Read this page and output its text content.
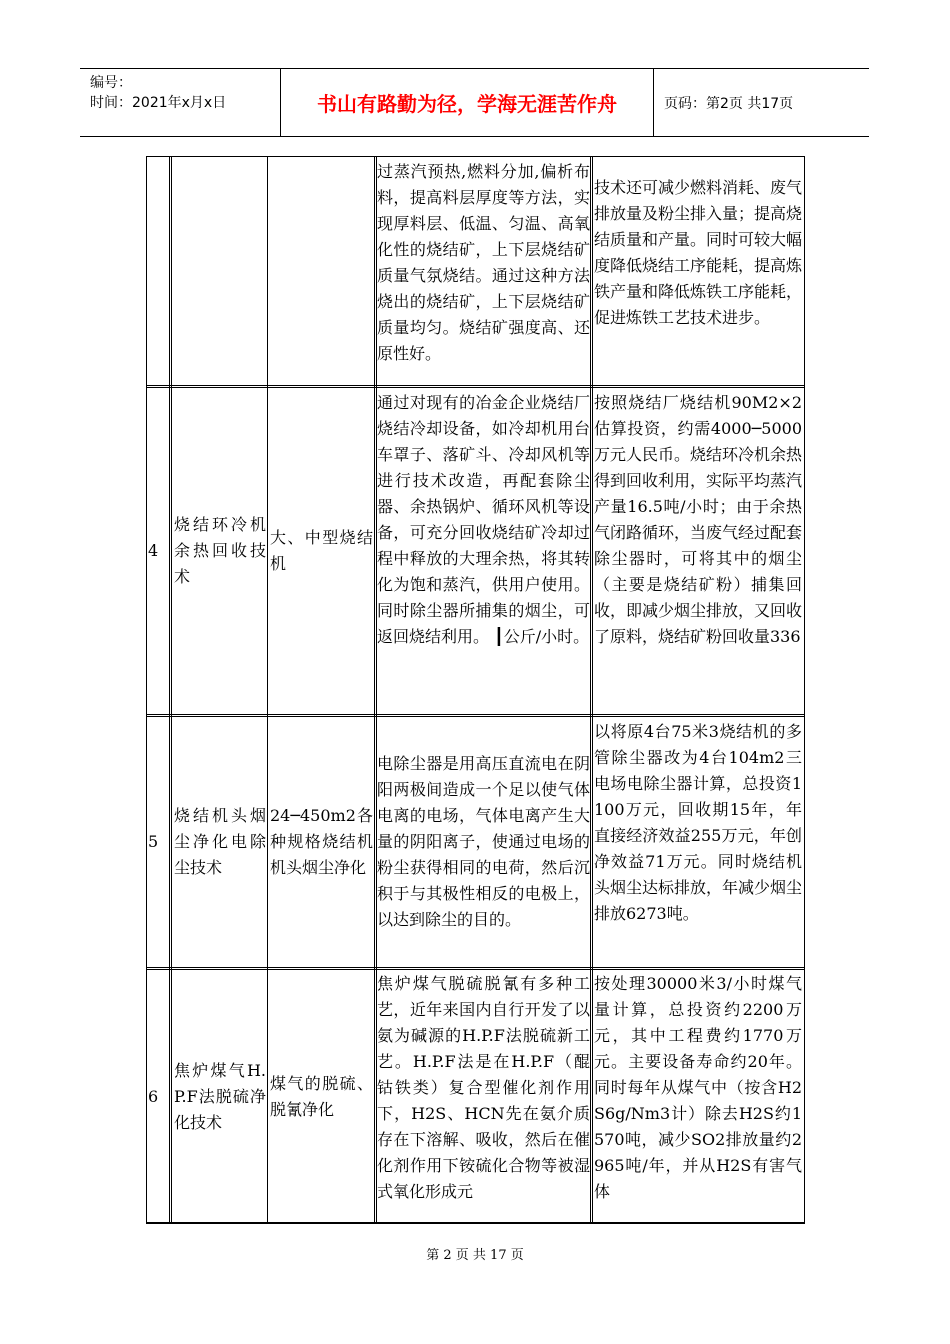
编号：
时间：2021年x月x日	书山有路勤为径，学海无涯苦作舟	页码：第2页 共17页
过蒸汽预热,燃料分加,偏析布料，提高料层厚度等方法，实现厚料层、低温、匀温、高氧化性的烧结矿，上下层烧结矿质量气氛烧结。通过这种方法烧出的烧结矿，上下层烧结矿质量均匀。烧结矿强度高、还原性好。
技术还可减少燃料消耗、废气排放量及粉尘排入量；提高烧结质量和产量。同时可较大幅度降低烧结工序能耗，提高炼铁产量和降低炼铁工序能耗，促进炼铁工艺技术进步。
4
烧结环冷机余热回收技术
大、中型烧结机
通过对现有的冶金企业烧结厂烧结冷却设备，如冷却机用台车罩子、落矿斗、冷却风机等进行技术改造，再配套除尘器、余热锅炉、循环风机等设备，可充分回收烧结矿冷却过程中释放的大理余热，将其转化为饱和蒸汽，供用户使用。同时除尘器所捕集的烟尘，可返回烧结利用。 ┃公斤/小时。
按照烧结厂烧结机90M2×2估算投资，约需4000─5000万元人民币。烧结环冷机余热得到回收利用，实际平均蒸汽产量16.5吨/小时；由于余热气闭路循环，当废气经过配套除尘器时，可将其中的烟尘（主要是烧结矿粉）捕集回收，即减少烟尘排放，又回收了原料，烧结矿粉回收量336
5
烧结机头烟尘净化电除尘技术
24─450m2各种规格烧结机机头烟尘净化
电除尘器是用高压直流电在阴阳两极间造成一个足以使气体电离的电场，气体电离产生大量的阴阳离子，使通过电场的粉尘获得相同的电荷，然后沉积于与其极性相反的电极上，以达到除尘的目的。
以将原4台75米3烧结机的多管除尘器改为4台104m2三电场电除尘器计算，总投资1100万元，回收期15年，年直接经济效益255万元，年创净效益71万元。同时烧结机头烟尘达标排放，年减少烟尘排放6273吨。
6
焦炉煤气H.P.F法脱硫净化技术
煤气的脱硫、脱氰净化
焦炉煤气脱硫脱氰有多种工艺，近年来国内自行开发了以氨为碱源的H.P.F法脱硫新工艺。H.P.F法是在H.P.F（醌钴铁类）复合型催化剂作用下，H2S、HCN先在氨介质存在下溶解、吸收，然后在催化剂作用下铵硫化合物等被湿式氧化形成元
按处理30000米3/小时煤气量计算，总投资约2200万元，其中工程费约1770万元。主要设备寿命约20年。同时每年从煤气中（按含H2S6g/Nm3计）除去H2S约1570吨，减少SO2排放量约2965吨/年，并从H2S有害气体
第 2 页 共 17 页
